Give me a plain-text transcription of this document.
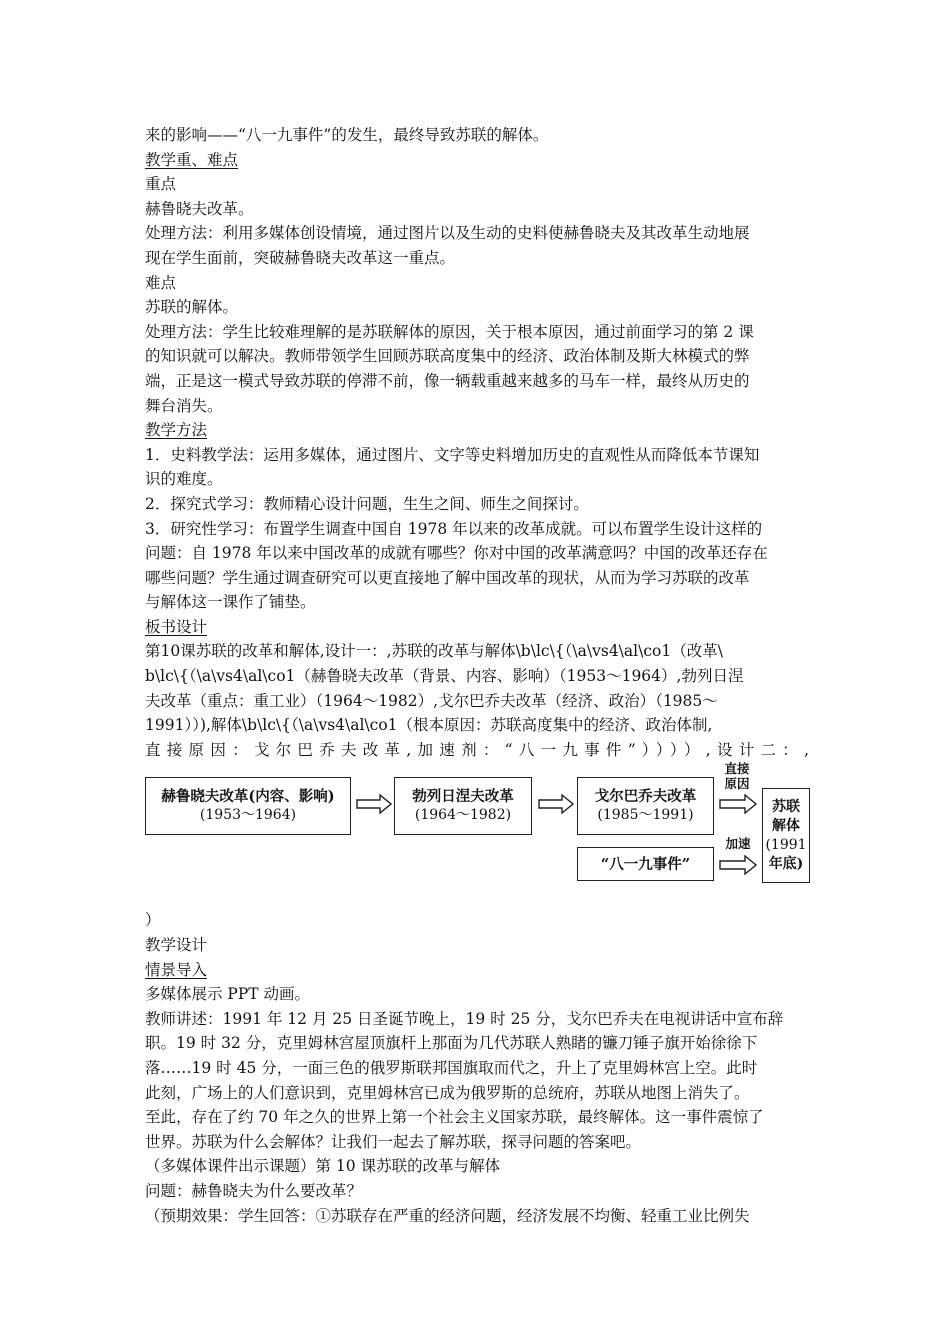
来的影响——“八一九事件”的发生，最终导致苏联的解体。
教学重、难点
重点
赫鲁晓夫改革。
处理方法：利用多媒体创设情境，通过图片以及生动的史料使赫鲁晓夫及其改革生动地展
现在学生面前，突破赫鲁晓夫改革这一重点。
难点
苏联的解体。
处理方法：学生比较难理解的是苏联解体的原因，关于根本原因，通过前面学习的第 2 课
的知识就可以解决。教师带领学生回顾苏联高度集中的经济、政治体制及斯大林模式的弊
端，正是这一模式导致苏联的停滞不前，像一辆载重越来越多的马车一样，最终从历史的
舞台消失。
教学方法
1．史料教学法：运用多媒体，通过图片、文字等史料增加历史的直观性从而降低本节课知
识的难度。
2．探究式学习：教师精心设计问题，生生之间、师生之间探讨。
3．研究性学习：布置学生调查中国自 1978 年以来的改革成就。可以布置学生设计这样的
问题：自 1978 年以来中国改革的成就有哪些？你对中国的改革满意吗？中国的改革还存在
哪些问题？学生通过调查研究可以更直接地了解中国改革的现状，从而为学习苏联的改革
与解体这一课作了铺垫。
板书设计
第10课苏联的改革和解体,设计一：,苏联的改革与解体\b\lc\{（\a\vs4\al\co1（改革\
b\lc\{（\a\vs4\al\co1（赫鲁晓夫改革（背景、内容、影响）（1953～1964）,勃列日涅
夫改革（重点：重工业）（1964～1982）,戈尔巴乔夫改革（经济、政治）（1985～
1991））),解体\b\lc\{（\a\vs4\al\co1（根本原因：苏联高度集中的经济、政治体制,
直接原因：戈尔巴乔夫改革,加速剂：“八一九事件”））））,设计二：,
赫鲁晓夫改革(内容、影响)
(1953～1964)
勃列日涅夫改革
(1964～1982)
戈尔巴乔夫改革
(1985～1991)
直接
原因
“八一九事件”
加速
苏联
解体
(1991
年底)
）
教学设计
情景导入
多媒体展示 PPT 动画。
教师讲述：1991 年 12 月 25 日圣诞节晚上，19 时 25 分，戈尔巴乔夫在电视讲话中宣布辞
职。19 时 32 分，克里姆林宫屋顶旗杆上那面为几代苏联人熟睹的镰刀锤子旗开始徐徐下
落……19 时 45 分，一面三色的俄罗斯联邦国旗取而代之，升上了克里姆林宫上空。此时
此刻，广场上的人们意识到，克里姆林宫已成为俄罗斯的总统府，苏联从地图上消失了。
至此，存在了约 70 年之久的世界上第一个社会主义国家苏联，最终解体。这一事件震惊了
世界。苏联为什么会解体？让我们一起去了解苏联，探寻问题的答案吧。
（多媒体课件出示课题）第 10 课苏联的改革与解体
问题：赫鲁晓夫为什么要改革？
（预期效果：学生回答：①苏联存在严重的经济问题，经济发展不均衡、轻重工业比例失
